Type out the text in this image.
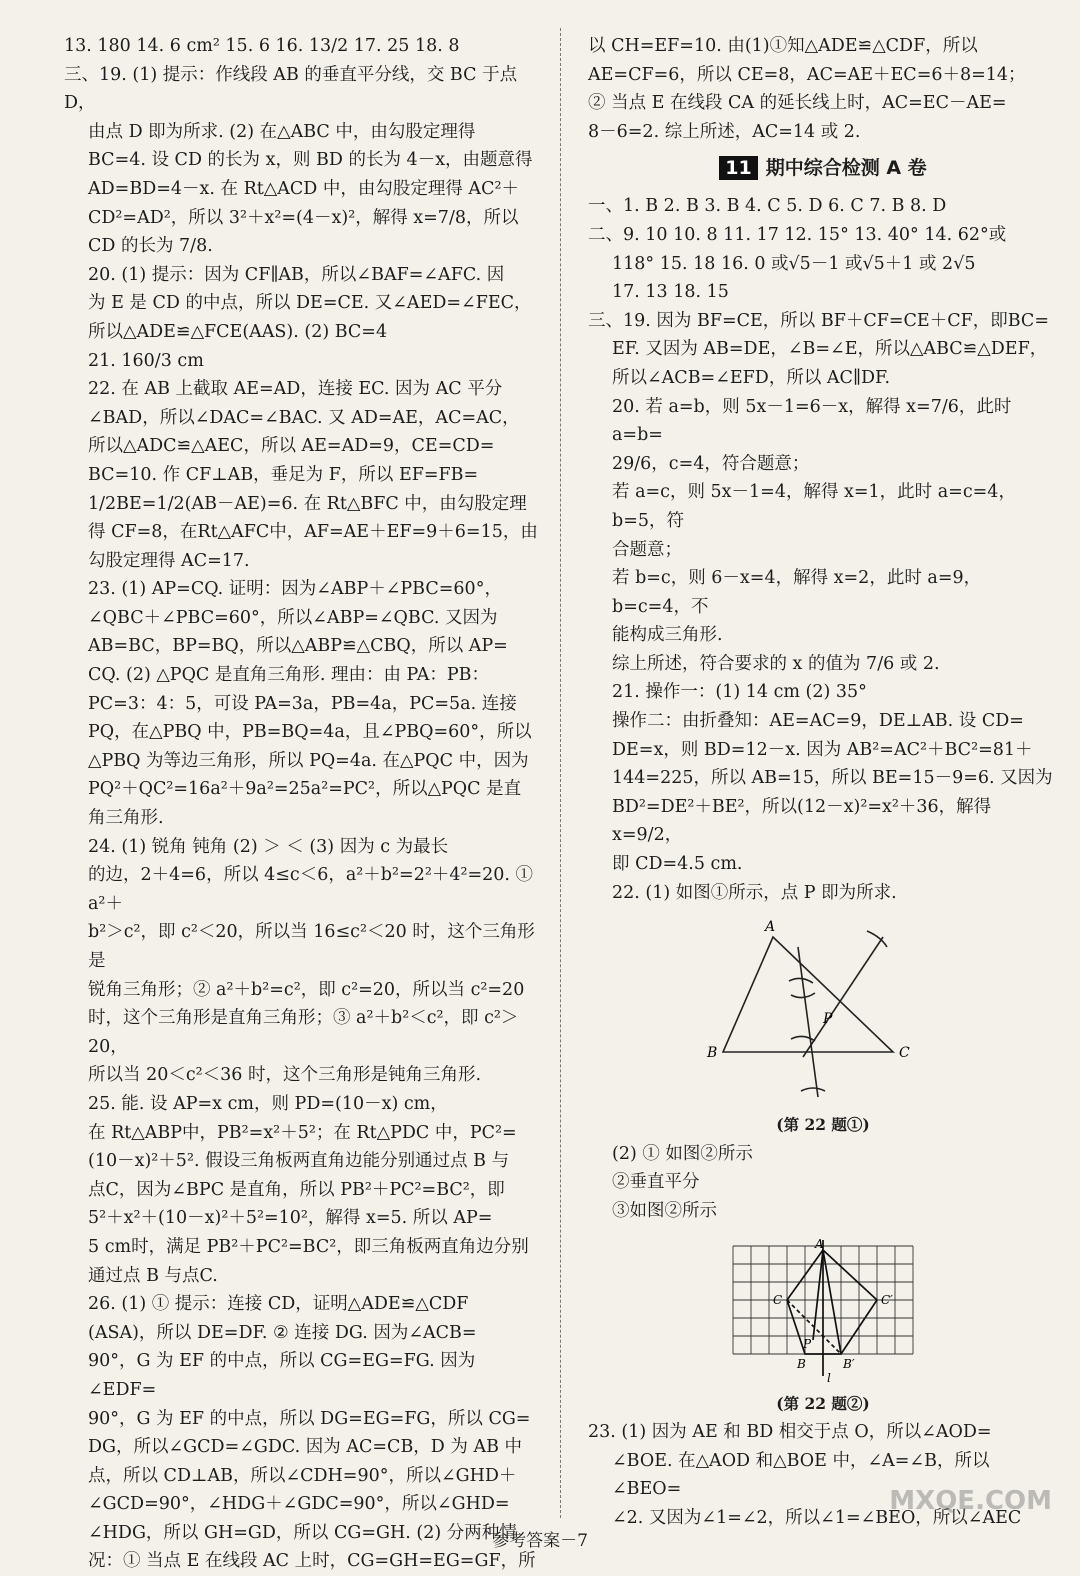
13. 180 14. 6 cm² 15. 6 16. 13/2 17. 25 18. 8

三、19. (1) 提示：作线段 AB 的垂直平分线，交 BC 于点 D，

由点 D 即为所求. (2) 在△ABC 中，由勾股定理得

BC=4. 设 CD 的长为 x，则 BD 的长为 4－x，由题意得

AD=BD=4－x. 在 Rt△ACD 中，由勾股定理得 AC²＋

CD²=AD²，所以 3²＋x²=(4－x)²，解得 x=7/8，所以

CD 的长为 7/8.

20. (1) 提示：因为 CF∥AB，所以∠BAF=∠AFC. 因

为 E 是 CD 的中点，所以 DE=CE. 又∠AED=∠FEC，

所以△ADE≌△FCE(AAS). (2) BC=4

21. 160/3 cm

22. 在 AB 上截取 AE=AD，连接 EC. 因为 AC 平分

∠BAD，所以∠DAC=∠BAC. 又 AD=AE，AC=AC，

所以△ADC≌△AEC，所以 AE=AD=9，CE=CD=

BC=10. 作 CF⊥AB，垂足为 F，所以 EF=FB=

1/2BE=1/2(AB－AE)=6. 在 Rt△BFC 中，由勾股定理

得 CF=8，在Rt△AFC中，AF=AE＋EF=9＋6=15，由

勾股定理得 AC=17.

23. (1) AP=CQ. 证明：因为∠ABP＋∠PBC=60°，

∠QBC＋∠PBC=60°，所以∠ABP=∠QBC. 又因为

AB=BC，BP=BQ，所以△ABP≌△CBQ，所以 AP=

CQ. (2) △PQC 是直角三角形. 理由：由 PA：PB：

PC=3：4：5，可设 PA=3a，PB=4a，PC=5a. 连接

PQ，在△PBQ 中，PB=BQ=4a，且∠PBQ=60°，所以

△PBQ 为等边三角形，所以 PQ=4a. 在△PQC 中，因为

PQ²＋QC²=16a²＋9a²=25a²=PC²，所以△PQC 是直

角三角形.

24. (1) 锐角 钝角 (2) ＞ ＜ (3) 因为 c 为最长

的边，2＋4=6，所以 4≤c＜6，a²＋b²=2²＋4²=20. ① a²＋

b²＞c²，即 c²＜20，所以当 16≤c²＜20 时，这个三角形是

锐角三角形；② a²＋b²=c²，即 c²=20，所以当 c²=20

时，这个三角形是直角三角形；③ a²＋b²＜c²，即 c²＞20，

所以当 20＜c²＜36 时，这个三角形是钝角三角形.

25. 能. 设 AP=x cm，则 PD=(10－x) cm，

在 Rt△ABP中，PB²=x²＋5²；在 Rt△PDC 中，PC²=

(10－x)²＋5². 假设三角板两直角边能分别通过点 B 与

点C，因为∠BPC 是直角，所以 PB²＋PC²=BC²，即

5²＋x²＋(10－x)²＋5²=10²，解得 x=5. 所以 AP=

5 cm时，满足 PB²＋PC²=BC²，即三角板两直角边分别

通过点 B 与点C.

26. (1) ① 提示：连接 CD，证明△ADE≌△CDF

(ASA)，所以 DE=DF. ② 连接 DG. 因为∠ACB=

90°，G 为 EF 的中点，所以 CG=EG=FG. 因为∠EDF=

90°，G 为 EF 的中点，所以 DG=EG=FG，所以 CG=

DG，所以∠GCD=∠GDC. 因为 AC=CB，D 为 AB 中

点，所以 CD⊥AB，所以∠CDH=90°，所以∠GHD＋

∠GCD=90°，∠HDG＋∠GDC=90°，所以∠GHD=

∠HDG，所以 GH=GD，所以 CG=GH. (2) 分两种情

况：① 当点 E 在线段 AC 上时，CG=GH=EG=GF，所

以 CH=EF=10. 由(1)①知△ADE≌△CDF，所以

AE=CF=6，所以 CE=8，AC=AE＋EC=6＋8=14；

② 当点 E 在线段 CA 的延长线上时，AC=EC－AE=

8－6=2. 综上所述，AC=14 或 2.

11 期中综合检测 A 卷

一、1. B 2. B 3. B 4. C 5. D 6. C 7. B 8. D

二、9. 10 10. 8 11. 17 12. 15° 13. 40° 14. 62°或

118° 15. 18 16. 0 或√5－1 或√5＋1 或 2√5

17. 13 18. 15

三、19. 因为 BF=CE，所以 BF＋CF=CE＋CF，即BC=

EF. 又因为 AB=DE，∠B=∠E，所以△ABC≌△DEF，

所以∠ACB=∠EFD，所以 AC∥DF.

20. 若 a=b，则 5x－1=6－x，解得 x=7/6，此时 a=b=

29/6，c=4，符合题意；

若 a=c，则 5x－1=4，解得 x=1，此时 a=c=4，b=5，符

合题意；

若 b=c，则 6－x=4，解得 x=2，此时 a=9，b=c=4，不

能构成三角形.

综上所述，符合要求的 x 的值为 7/6 或 2.

21. 操作一：(1) 14 cm (2) 35°

操作二：由折叠知：AE=AC=9，DE⊥AB. 设 CD=

DE=x，则 BD=12－x. 因为 AB²=AC²＋BC²=81＋

144=225，所以 AB=15，所以 BE=15－9=6. 又因为

BD²=DE²＋BE²，所以(12－x)²=x²＋36，解得 x=9/2，

即 CD=4.5 cm.

22. (1) 如图①所示，点 P 即为所求.

A
B	C
P
(第 22 题①)

(2) ① 如图②所示

②垂直平分

③如图②所示

A
C	C′
P
B	B′
l
(第 22 题②)

23. (1) 因为 AE 和 BD 相交于点 O，所以∠AOD=

∠BOE. 在△AOD 和△BOE 中，∠A=∠B，所以∠BEO=

∠2. 又因为∠1=∠2，所以∠1=∠BEO，所以∠AEC

MXQE.COM
参考答案－7
